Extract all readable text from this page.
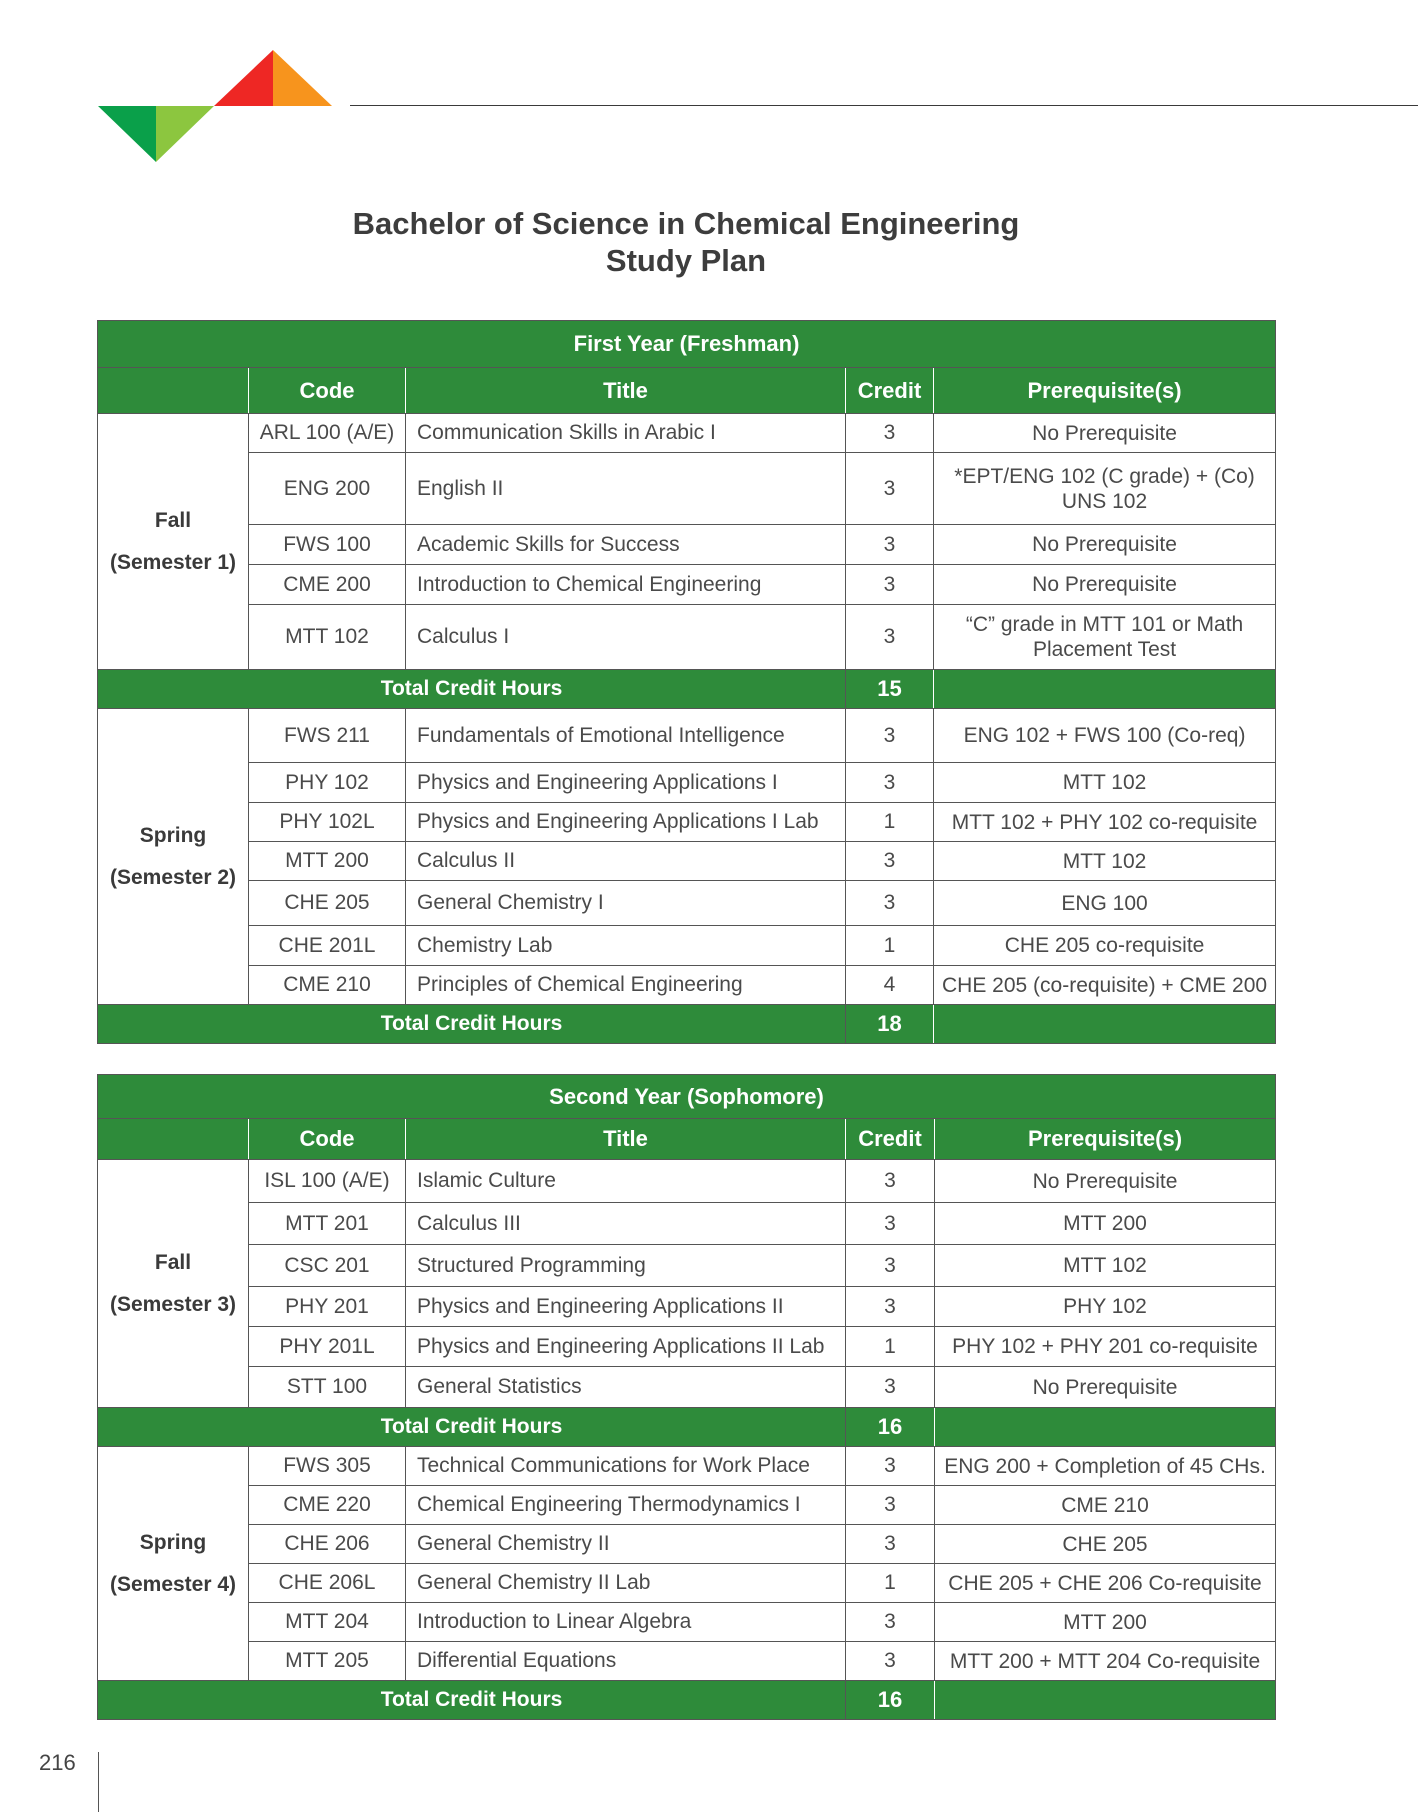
Bachelor of Science in Chemical Engineering
Study Plan
First Year (Freshman)				
	Code	Title	Credit	Prerequisite(s)

Fall
(Semester 1)	ARL 100 (A/E)	Communication Skills in Arabic I	3	No Prerequisite
	ENG 200	English II	3	*EPT/ENG 102 (C grade) + (Co) UNS 102
	FWS 100	Academic Skills for Success	3	No Prerequisite
	CME 200	Introduction to Chemical Engineering	3	No Prerequisite
	MTT 102	Calculus I	3	“C” grade in MTT 101 or Math Placement Test
Total Credit Hours			15	

Spring
(Semester 2)	FWS 211	Fundamentals of Emotional Intelligence	3	ENG 102 + FWS 100 (Co-req)
	PHY 102	Physics and Engineering Applications I	3	MTT 102
	PHY 102L	Physics and Engineering Applications I Lab	1	MTT 102 + PHY 102 co-requisite
	MTT 200	Calculus II	3	MTT 102
	CHE 205	General Chemistry I	3	ENG 100
	CHE 201L	Chemistry Lab	1	CHE 205 co-requisite
	CME 210	Principles of Chemical Engineering	4	CHE 205 (co-requisite) + CME 200
Total Credit Hours			18	
Second Year (Sophomore)				
	Code	Title	Credit	Prerequisite(s)

Fall
(Semester 3)	ISL 100 (A/E)	Islamic Culture	3	No Prerequisite
	MTT 201	Calculus III	3	MTT 200
	CSC 201	Structured Programming	3	MTT 102
	PHY 201	Physics and Engineering Applications II	3	PHY 102
	PHY 201L	Physics and Engineering Applications II Lab	1	PHY 102 + PHY 201 co-requisite
	STT 100	General Statistics	3	No Prerequisite
Total Credit Hours			16	

Spring
(Semester 4)	FWS 305	Technical Communications for Work Place	3	ENG 200 + Completion of 45 CHs.
	CME 220	Chemical Engineering Thermodynamics I	3	CME 210
	CHE 206	General Chemistry II	3	CHE 205
	CHE 206L	General Chemistry II Lab	1	CHE 205 + CHE 206 Co-requisite
	MTT 204	Introduction to Linear Algebra	3	MTT 200
	MTT 205	Differential Equations	3	MTT 200 + MTT 204 Co-requisite
Total Credit Hours			16	
216
